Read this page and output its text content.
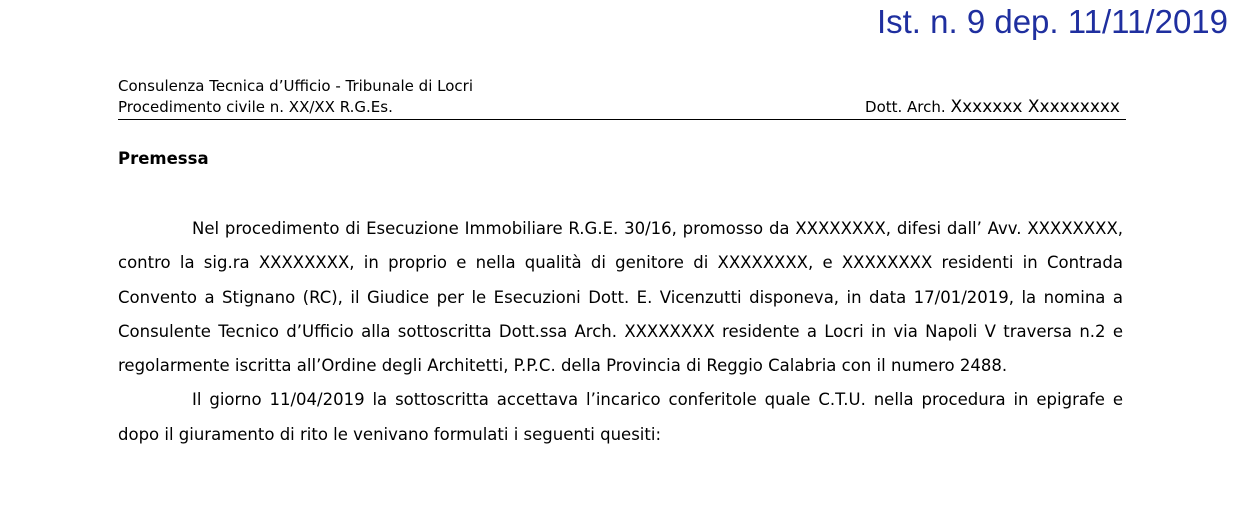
Ist. n. 9 dep. 11/11/2019
Consulenza Tecnica d’Ufficio - Tribunale di Locri
Procedimento civile n. XX/XX R.G.Es.	Dott. Arch. Xxxxxxx Xxxxxxxxx
Premessa

Nel procedimento di Esecuzione Immobiliare R.G.E. 30/16, promosso da XXXXXXXX, difesi dall’ Avv. XXXXXXXX, contro la sig.ra XXXXXXXX, in proprio e nella qualità di genitore di XXXXXXXX, e XXXXXXXX residenti in Contrada Convento a Stignano (RC), il Giudice per le Esecuzioni Dott. E. Vicenzutti disponeva, in data 17/01/2019, la nomina a Consulente Tecnico d’Ufficio alla sottoscritta Dott.ssa Arch. XXXXXXXX residente a Locri in via Napoli V traversa n.2 e regolarmente iscritta all’Ordine degli Architetti, P.P.C. della Provincia di Reggio Calabria con il numero 2488.

Il giorno 11/04/2019 la sottoscritta accettava l’incarico conferitole quale C.T.U. nella procedura in epigrafe e dopo il giuramento di rito le venivano formulati i seguenti quesiti:
